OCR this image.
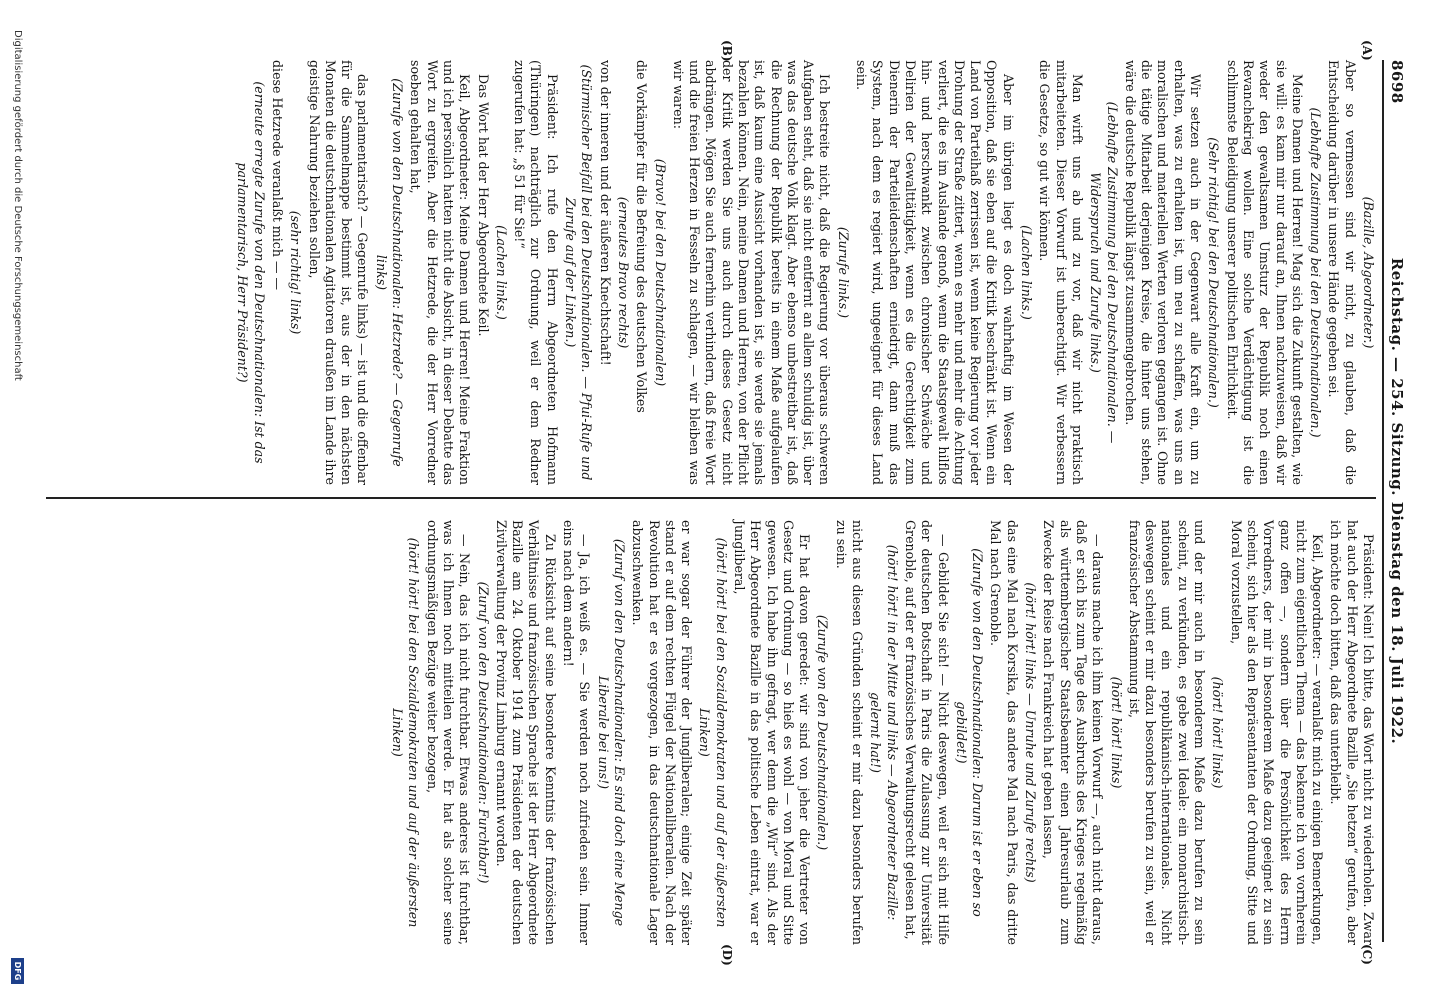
8698
Reichstag. — 254. Sitzung. Dienstag den 18. Juli 1922.

(Bazille, Abgeordneter.)

Aber so vermessen sind wir nicht, zu glauben, daß die Entscheidung darüber in unsere Hände gegeben sei.

(Lebhafte Zustimmung bei den Deutschnationalen.)

Meine Damen und Herren! Mag sich die Zukunft gestalten, wie sie will: es kam mir nur darauf an, Ihnen nachzuweisen, daß wir weder den gewaltsamen Umsturz der Republik noch einen Revanchekrieg wollen. Eine solche Verdächtigung ist die schlimmste Beleidigung unserer politischen Ehrlichkeit.

(Sehr richtig! bei den Deutschnationalen.)

Wir setzen auch in der Gegenwart alle Kraft ein, um zu erhalten, was zu erhalten ist, um neu zu schaffen, was uns an moralischen und materiellen Werten verloren gegangen ist. Ohne die tätige Mitarbeit derjenigen Kreise, die hinter uns stehen, wäre die deutsche Republik längst zusammengebrochen.

(Lebhafte Zustimmung bei den Deutschnationalen. — Widerspruch und Zurufe links.)

Man wirft uns ab und zu vor, daß wir nicht praktisch mitarbeiteten. Dieser Vorwurf ist unberechtigt. Wir verbessern die Gesetze, so gut wir können.

(Lachen links.)

Aber im übrigen liegt es doch wahrhaftig im Wesen der Opposition, daß sie eben auf die Kritik beschränkt ist. Wenn ein Land von Parteihaß zerrissen ist, wenn keine Regierung vor jeder Drohung der Straße zittert, wenn es mehr und mehr die Achtung verliert, die es im Auslande genoß, wenn die Staatsgewalt hilflos hin- und herschwankt zwischen chronischer Schwäche und Delirien der Gewalttätigkeit, wenn es die Gerechtigkeit zum Dienerin der Parteileidenschaften erniedrigt, dann muß das System, nach dem es regiert wird, ungeeignet für dieses Land sein.

(Zurufe links.)

Ich bestreite nicht, daß die Regierung vor überaus schweren Aufgaben steht, daß sie nicht entfernt an allem schuldig ist, über was das deutsche Volk klagt. Aber ebenso unbestreitbar ist, daß die Rechnung der Republik bereits in einem Maße aufgelaufen ist, daß kaum eine Aussicht vorhanden ist, sie werde sie jemals bezahlen können. Nein, meine Damen und Herren, von der Pflicht der Kritik werden Sie uns auch durch dieses Gesetz nicht abdrängen. Mögen Sie auch fernerhin verhindern, daß freie Wort und die freien Herzen in Fesseln zu schlagen, — wir bleiben was wir waren:

(Bravo! bei den Deutschnationalen)

die Vorkämpfer für die Befreiung des deutschen Volkes

(erneutes Bravo rechts)

von der inneren und der äußeren Knechtschaft!

(Stürmischer Beifall bei den Deutschnationalen. — Pfui-Rufe und Zurufe auf der Linken.)

Präsident: Ich rufe den Herrn Abgeordneten Hofmann (Thüringen) nachträglich zur Ordnung, weil er dem Redner zugerufen hat: „§ 51 für Sie!“

(Lachen links.)

Das Wort hat der Herr Abgeordnete Keil.

Keil, Abgeordneter: Meine Damen und Herren! Meine Fraktion und ich persönlich hatten nicht die Absicht, in dieser Debatte das Wort zu ergreifen. Aber die Hetzrede, die der Herr Vorredner soeben gehalten hat,

(Zurufe von den Deutschnationalen: Hetzrede? — Gegenrufe links)

das parlamentarisch? — Gegenrufe links) — ist und die offenbar für die Sammelmappe bestimmt ist, aus der in den nächsten Monaten die deutschnationalen Agitatoren draußen im Lande ihre geistige Nahrung beziehen sollen,

(sehr richtig! links)

diese Hetzrede veranlaßt mich — —

(erneute erregte Zurufe von den Deutschnationalen: Ist das parlamentarisch, Herr Präsident?)

Präsident: Nein! Ich bitte, das Wort nicht zu wiederholen. Zwar hat auch der Herr Abgeordnete Bazille „Sie hetzen“ gerufen, aber ich möchte doch bitten, daß das unterbleibt.

Keil, Abgeordneter: — veranlaßt mich zu einigen Bemerkungen, nicht zum eigentlichen Thema — das bekenne ich von vornherein ganz offen —, sondern über die Persönlichkeit des Herrn Vorredners, der mir in besonderem Maße dazu geeignet zu sein scheint, sich hier als den Repräsentanten der Ordnung, Sitte und Moral vorzustellen,

(hört! hört! links)

und der mir auch in besonderem Maße dazu berufen zu sein scheint, zu verkünden, es gebe zwei Ideale: ein monarchistisch-nationales und ein republikanisch-internationales. Nicht deswegen scheint er mir dazu besonders berufen zu sein, weil er französischer Abstammung ist,

(hört! hört! links)

— daraus mache ich ihm keinen Vorwurf —, auch nicht daraus, daß er sich bis zum Tage des Ausbruchs des Krieges regelmäßig als württembergischer Staatsbeamter einen Jahresurlaub zum Zwecke der Reise nach Frankreich hat geben lassen,

(hört! hört! links — Unruhe und Zurufe rechts)

das eine Mal nach Korsika, das andere Mal nach Paris, das dritte Mal nach Grenoble.

(Zurufe von den Deutschnationalen: Darum ist er eben so gebildet!)

— Gebildet Sie sich! — Nicht deswegen, weil er sich mit Hilfe der deutschen Botschaft in Paris die Zulassung zur Universität Grenoble, auf der er französisches Verwaltungsrecht gelesen hat,

(hört! hört! in der Mitte und links — Abgeordneter Bazille: gelernt hat!)

nicht aus diesen Gründen scheint er mir dazu besonders berufen zu sein.

(Zurufe von den Deutschnationalen.)

Er hat davon geredet: wir sind von jeher die Vertreter von Gesetz und Ordnung — so hieß es wohl — von Moral und Sitte gewesen. Ich habe ihn gefragt, wer denn die „Wir“ sind. Als der Herr Abgeordnete Bazille in das politische Leben eintrat, war er Jungliberal,

(hört! hört! bei den Sozialdemokraten und auf der äußersten Linken)

er war sogar der Führer der Jungliberalen; einige Zeit später stand er auf dem rechten Flügel der Nationalliberalen. Nach der Revolution hat er es vorgezogen, in das deutschnationale Lager abzuschwenken.

(Zuruf von den Deutschnationalen: Es sind doch eine Menge Liberale bei uns!)

— Ja, ich weiß es. — Sie werden noch zufrieden sein. Immer eins nach dem andern!

Zu Rücksicht auf seine besondere Kenntnis der französischen Verhältnisse und französischen Sprache ist der Herr Abgeordnete Bazille am 24. Oktober 1914 zum Präsidenten der deutschen Zivilverwaltung der Provinz Limburg ernannt worden.

(Zuruf von den Deutschnationalen: Furchtbar!)

— Nein, das ich nicht furchtbar. Etwas anderes ist furchtbar, was ich Ihnen noch mitteilen werde. Er hat als solcher seine ordnungsmäßigen Bezüge weiter bezogen,

(hört! hört! bei den Sozialdemokraten und auf der äußersten Linken)

(A)
(B)
(C)
(D)
Digitalisierung gefördert durch die Deutsche Forschungsgemeinschaft
DFG
